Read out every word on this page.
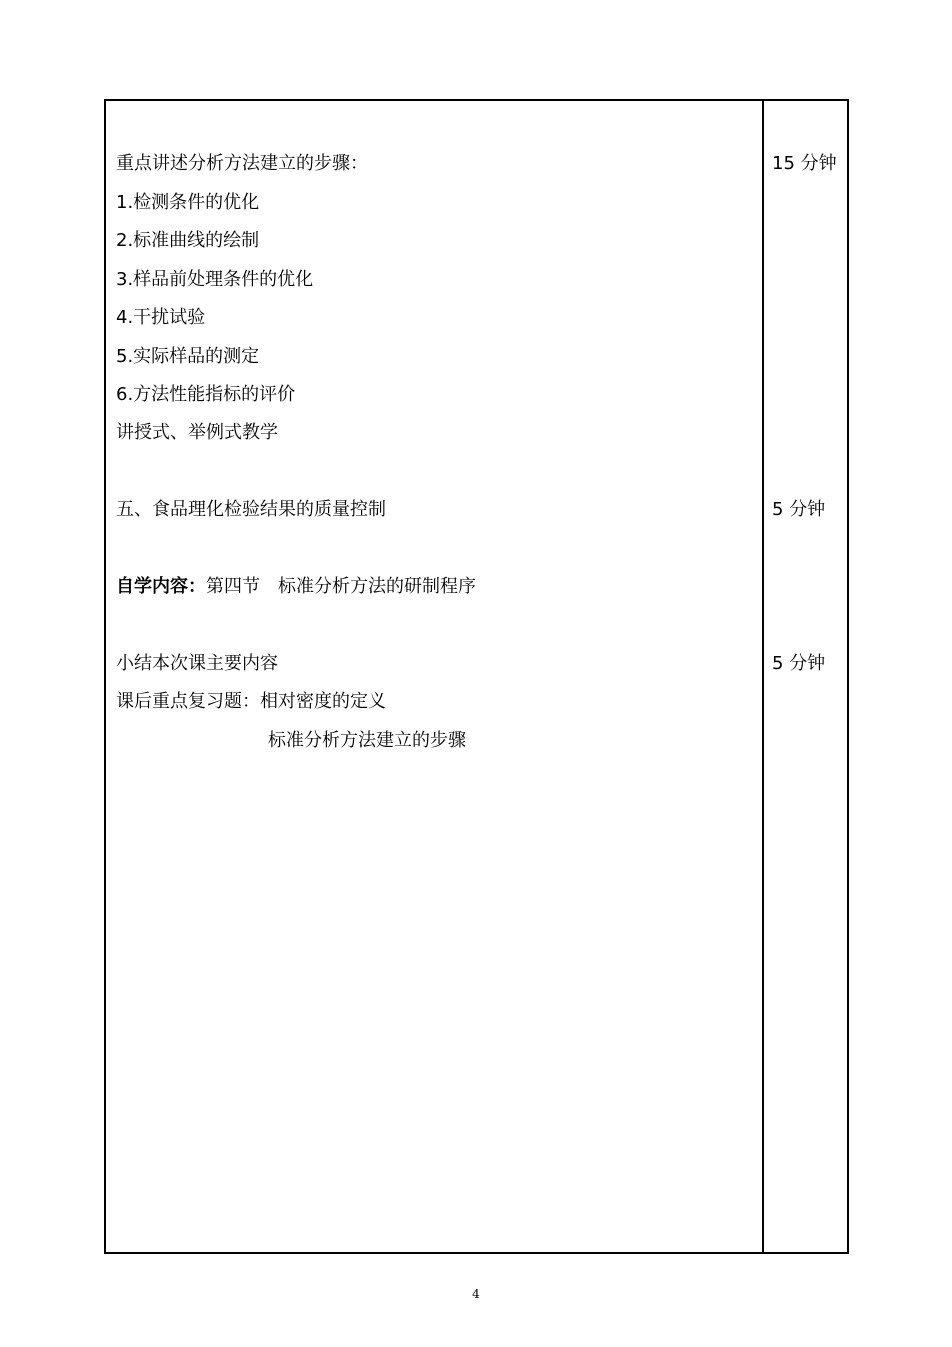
重点讲述分析方法建立的步骤：
1.检测条件的优化
2.标准曲线的绘制
3.样品前处理条件的优化
4.干扰试验
5.实际样品的测定
6.方法性能指标的评价
讲授式、举例式教学
五、食品理化检验结果的质量控制
自学内容：第四节　标准分析方法的研制程序
小结本次课主要内容
课后重点复习题：相对密度的定义
标准分析方法建立的步骤
15 分钟
5 分钟
5 分钟
4
